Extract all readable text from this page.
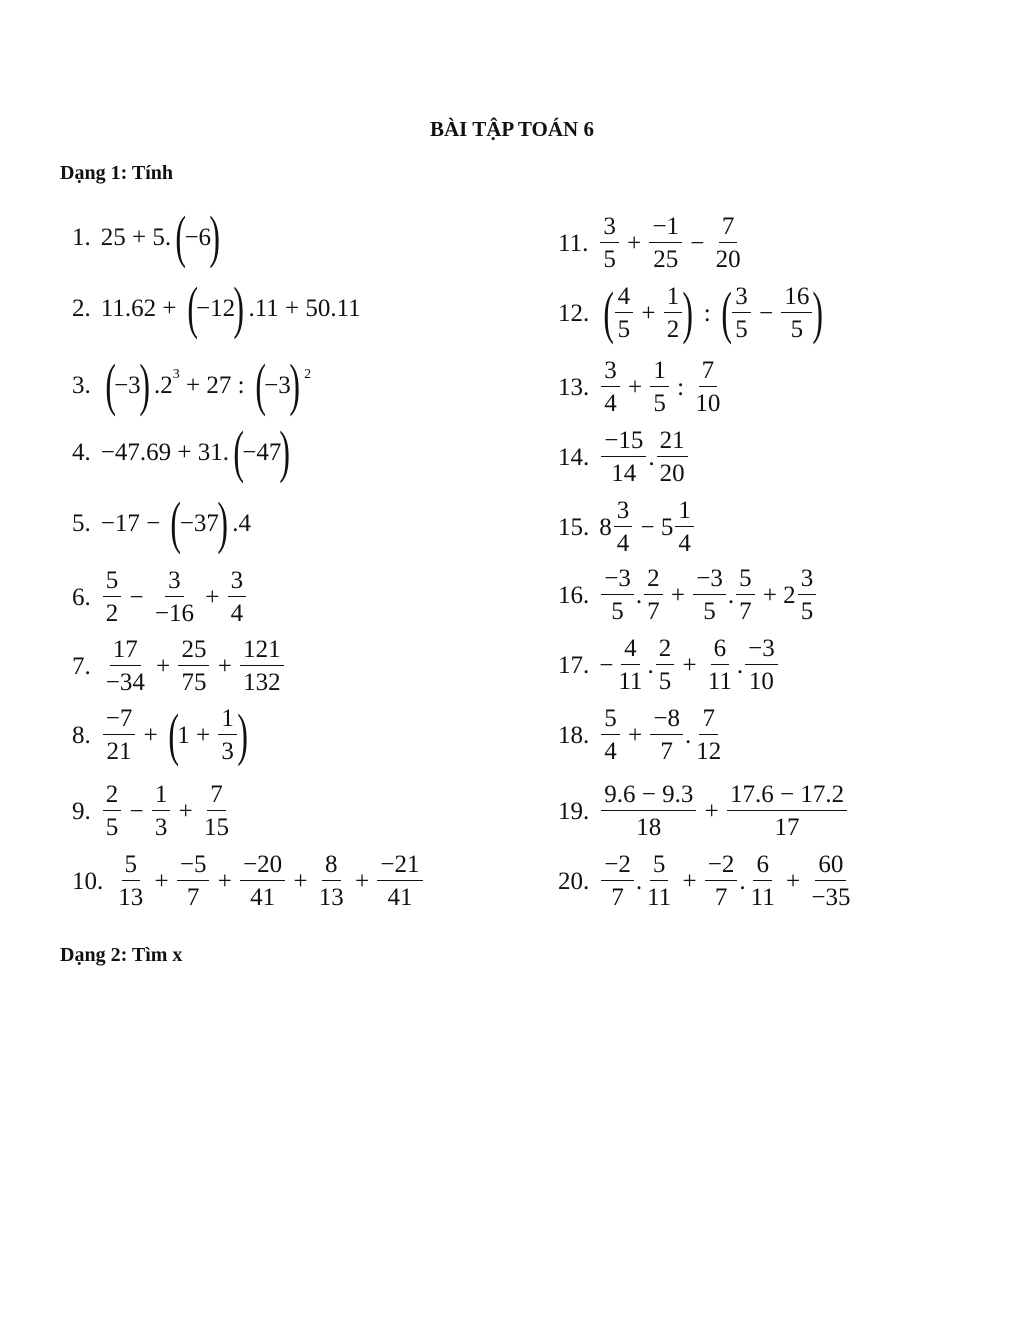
BÀI TẬP TOÁN 6
Dạng 1: Tính
1. 25 + 5. (
−6
)
2. 11.62 + (
−12
) .11 + 50.11
3. (
−3
) .2 3 + 27 : (
−3
) 2
4. −47.69 + 31. (
−47
)
5. −17 − (
−37
) .4
6. $\frac{5}{2} - \frac{3}{-16} + \frac{3}{4}$
7. $\frac{17}{-34} + \frac{25}{75} + \frac{121}{132}$
8. $\frac{-7}{21}$ + (
$1 + \frac{1}{3}$ )
9. $\frac{2}{5} - \frac{1}{3} + \frac{7}{15}$
10. $\frac{5}{13} + \frac{-5}{7} + \frac{-20}{41} + \frac{8}{13} + \frac{-21}{41}$
11. $\frac{3}{5} + \frac{-1}{25} - \frac{7}{20}$
12. ( $\frac{4}{5} + \frac{1}{2}$ ) : ( $\frac{3}{5} - \frac{16}{5}$ )
13. $\frac{3}{4} + \frac{1}{5}$ : $\frac{7}{10}$
14. $\frac{-15}{14}$ . $\frac{21}{20}$
15. $8 \frac{3}{4} - 5 \frac{1}{4}$
16. $\frac{-3}{5}$ . $\frac{2}{7} + \frac{-3}{5}$ . $\frac{5}{7} + 2 \frac{3}{5}$
17. − $\frac{4}{11}$ . $\frac{2}{5} + \frac{6}{11}$ . $\frac{-3}{10}$
18. $\frac{5}{4} + \frac{-8}{7}$ . $\frac{7}{12}$
19. $\frac{9.6 - 9.3}{18} + \frac{17.6 - 17.2}{17}$
20. $\frac{-2}{7}$ . $\frac{5}{11} + \frac{-2}{7}$ . $\frac{6}{11} + \frac{60}{-35}$
Dạng 2: Tìm x
